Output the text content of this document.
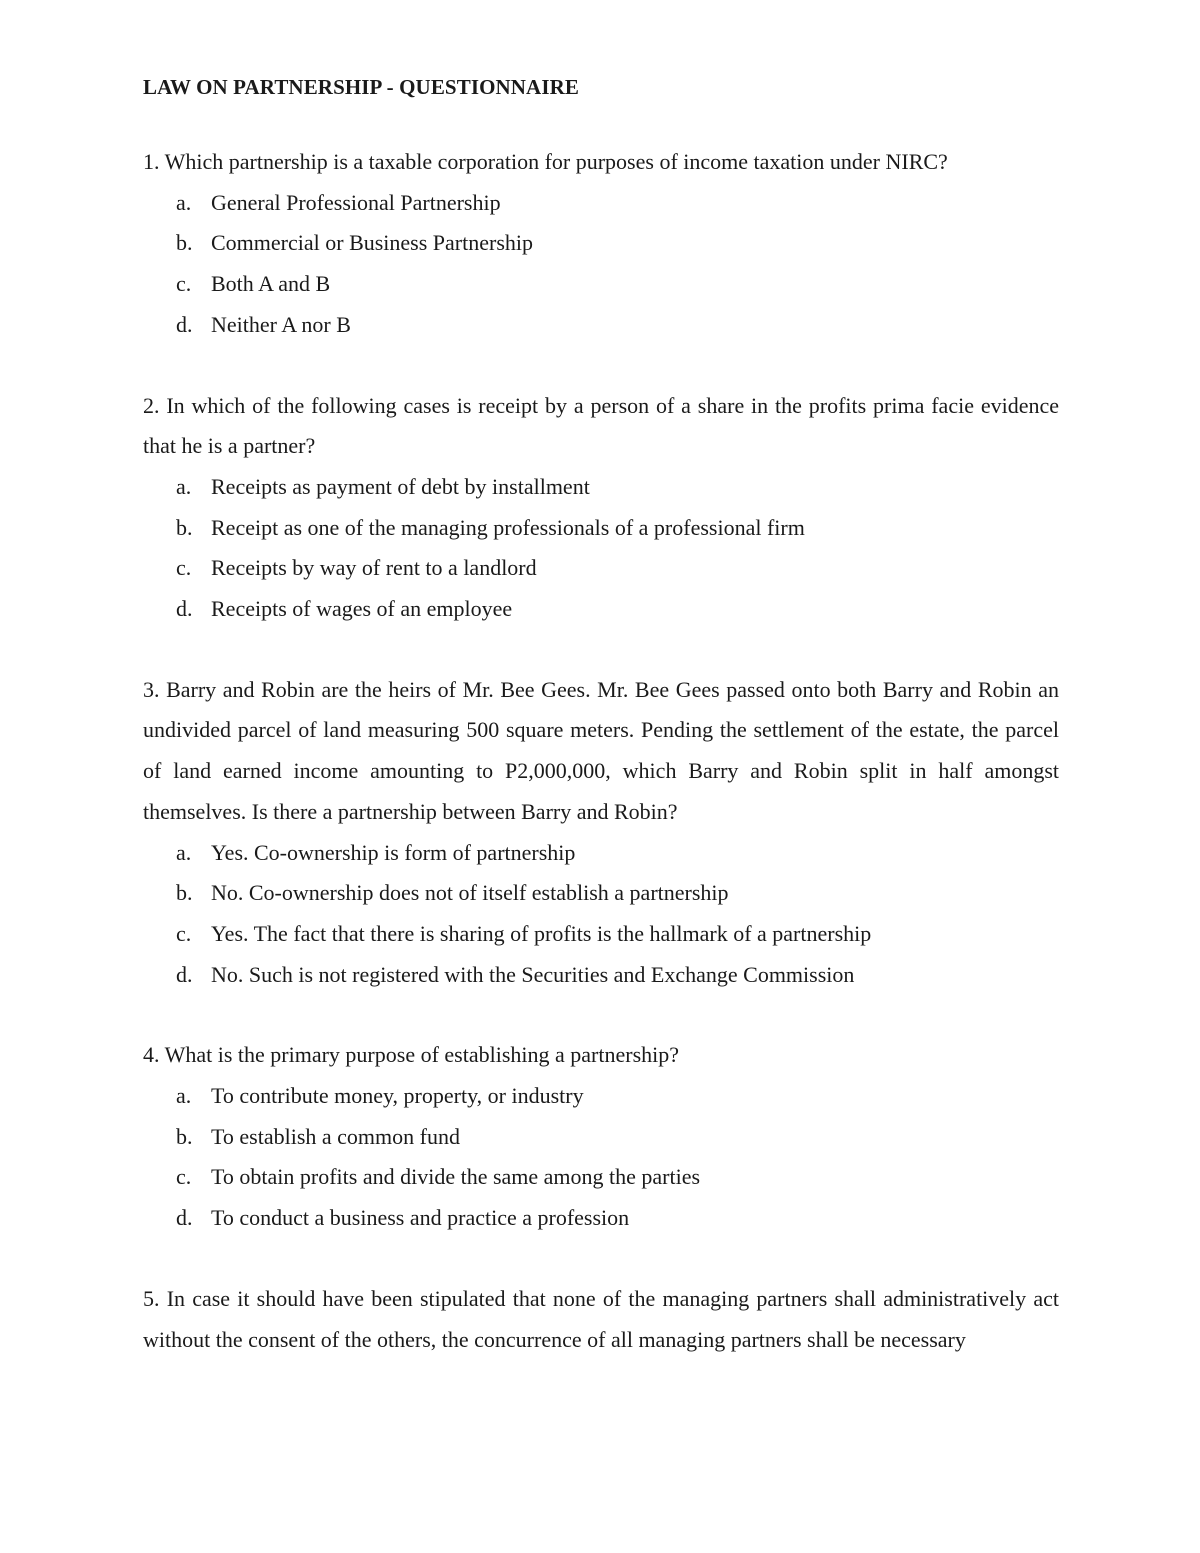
LAW ON PARTNERSHIP - QUESTIONNAIRE

1. Which partnership is a taxable corporation for purposes of income taxation under NIRC?

a. General Professional Partnership
b. Commercial or Business Partnership
c. Both A and B
d. Neither A nor B

2. In which of the following cases is receipt by a person of a share in the profits prima facie evidence that he is a partner?

a. Receipts as payment of debt by installment
b. Receipt as one of the managing professionals of a professional firm
c. Receipts by way of rent to a landlord
d. Receipts of wages of an employee

3. Barry and Robin are the heirs of Mr. Bee Gees. Mr. Bee Gees passed onto both Barry and Robin an undivided parcel of land measuring 500 square meters. Pending the settlement of the estate, the parcel of land earned income amounting to P2,000,000, which Barry and Robin split in half amongst themselves. Is there a partnership between Barry and Robin?

a. Yes. Co-ownership is form of partnership
b. No. Co-ownership does not of itself establish a partnership
c. Yes. The fact that there is sharing of profits is the hallmark of a partnership
d. No. Such is not registered with the Securities and Exchange Commission

4. What is the primary purpose of establishing a partnership?

a. To contribute money, property, or industry
b. To establish a common fund
c. To obtain profits and divide the same among the parties
d. To conduct a business and practice a profession

5. In case it should have been stipulated that none of the managing partners shall administratively act without the consent of the others, the concurrence of all managing partners shall be necessary
